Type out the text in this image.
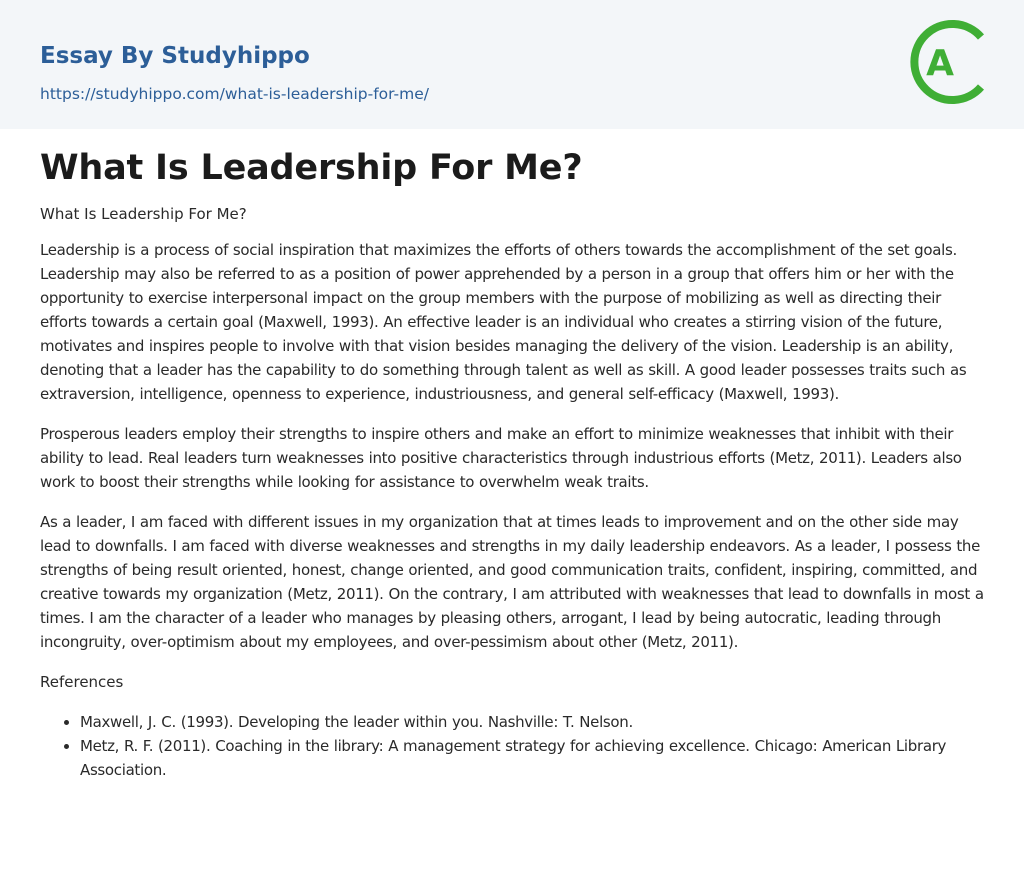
Essay By Studyhippo
https://studyhippo.com/what-is-leadership-for-me/
A
What Is Leadership For Me?

What Is Leadership For Me?

Leadership is a process of social inspiration that maximizes the efforts of others towards the accomplishment of the set goals. Leadership may also be referred to as a position of power apprehended by a person in a group that offers him or her with the opportunity to exercise interpersonal impact on the group members with the purpose of mobilizing as well as directing their efforts towards a certain goal (Maxwell, 1993). An effective leader is an individual who creates a stirring vision of the future, motivates and inspires people to involve with that vision besides managing the delivery of the vision. Leadership is an ability, denoting that a leader has the capability to do something through talent as well as skill. A good leader possesses traits such as extraversion, intelligence, openness to experience, industriousness, and general self-efficacy (Maxwell, 1993).

Prosperous leaders employ their strengths to inspire others and make an effort to minimize weaknesses that inhibit with their ability to lead. Real leaders turn weaknesses into positive characteristics through industrious efforts (Metz, 2011). Leaders also work to boost their strengths while looking for assistance to overwhelm weak traits.

As a leader, I am faced with different issues in my organization that at times leads to improvement and on the other side may lead to downfalls. I am faced with diverse weaknesses and strengths in my daily leadership endeavors. As a leader, I possess the strengths of being result oriented, honest, change oriented, and good communication traits, confident, inspiring, committed, and creative towards my organization (Metz, 2011). On the contrary, I am attributed with weaknesses that lead to downfalls in most a times. I am the character of a leader who manages by pleasing others, arrogant, I lead by being autocratic, leading through incongruity, over-optimism about my employees, and over-pessimism about other (Metz, 2011).

References

• Maxwell, J. C. (1993). Developing the leader within you. Nashville: T. Nelson.
• Metz, R. F. (2011). Coaching in the library: A management strategy for achieving excellence. Chicago: American Library Association.
